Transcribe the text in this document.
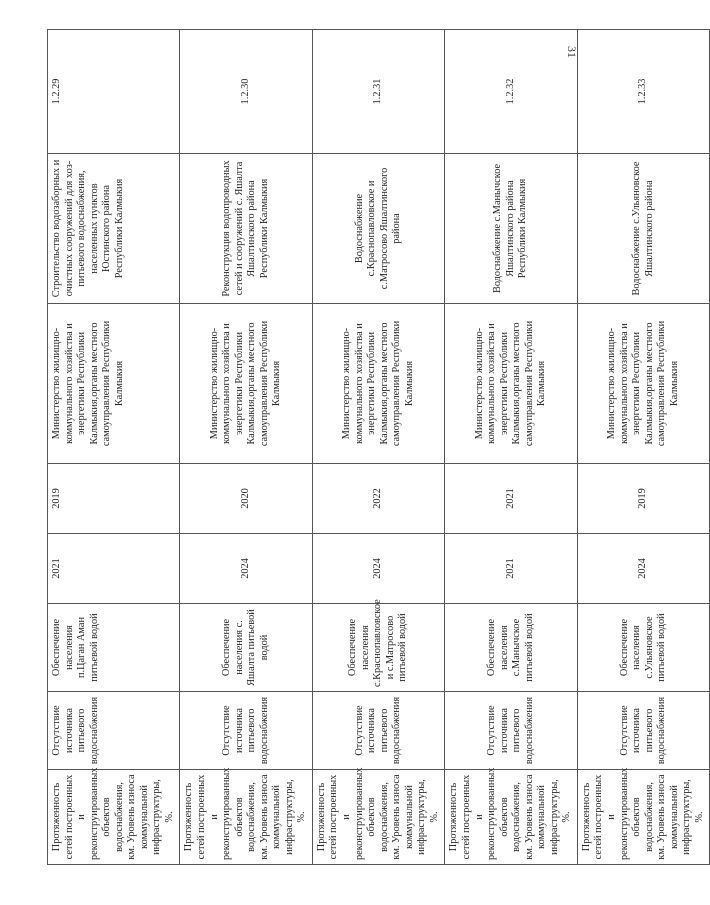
31
Протяженность сетей построенных и реконструированных объектов водоснабжения, км. Уровень износа коммунальной инфраструктуры, %.	Отсутствие источника питьевого водоснабжения	Обеспечение населения п.Цаган Аман питьевой водой	2021	2019	Министерство жилищно-коммунального хозяйства и энергетики Республики Калмыкия,органы местного самоуправления Республики Калмыкия	Строительство водозаборных и очистных сооружений для хоз-питьевого водоснабжения, населенных пунктов Юстинского района Республики Калмыкия	1.2.29
Протяженность сетей построенных и реконструированных объектов водоснабжения, км. Уровень износа коммунальной инфраструктуры, %.	Отсутствие источника питьевого водоснабжения	Обеспечение населения с. Яшалта питьевой водой	2024	2020	Министерство жилищно-коммунального хозяйства и энергетики Республики Калмыкия,органы местного самоуправления Республики Калмыкия	Реконструкция водопроводных сетей и сооружений с. Яшалта Яшалтинского района Республики Калмыкия	1.2.30
Протяженность сетей построенных и реконструированных объектов водоснабжения, км. Уровень износа коммунальной инфраструктуры, %.	Отсутствие источника питьевого водоснабжения	Обеспечение населения с.Краснопавловское и с.Матросово питьевой водой	2024	2022	Министерство жилищно-коммунального хозяйства и энергетики Республики Калмыкия,органы местного самоуправления Республики Калмыкия	Водоснабжение с.Краснопавловское и с.Матросово Яшалтинского района	1.2.31
Протяженность сетей построенных и реконструированных объектов водоснабжения, км. Уровень износа коммунальной инфраструктуры, %.	Отсутствие источника питьевого водоснабжения	Обеспечение населения с.Манычское питьевой водой	2021	2021	Министерство жилищно-коммунального хозяйства и энергетики Республики Калмыкия,органы местного самоуправления Республики Калмыкия	Водоснабжение с.Манычское Яшалтинского района Республики Калмыкия	1.2.32
Протяженность сетей построенных и реконструированных объектов водоснабжения, км. Уровень износа коммунальной инфраструктуры, %.	Отсутствие источника питьевого водоснабжения	Обеспечение населения с.Ульяновское питьевой водой	2024	2019	Министерство жилищно-коммунального хозяйства и энергетики Республики Калмыкия,органы местного самоуправления Республики Калмыкия	Водоснабжение с.Ульяновское Яшалтинского района	1.2.33
